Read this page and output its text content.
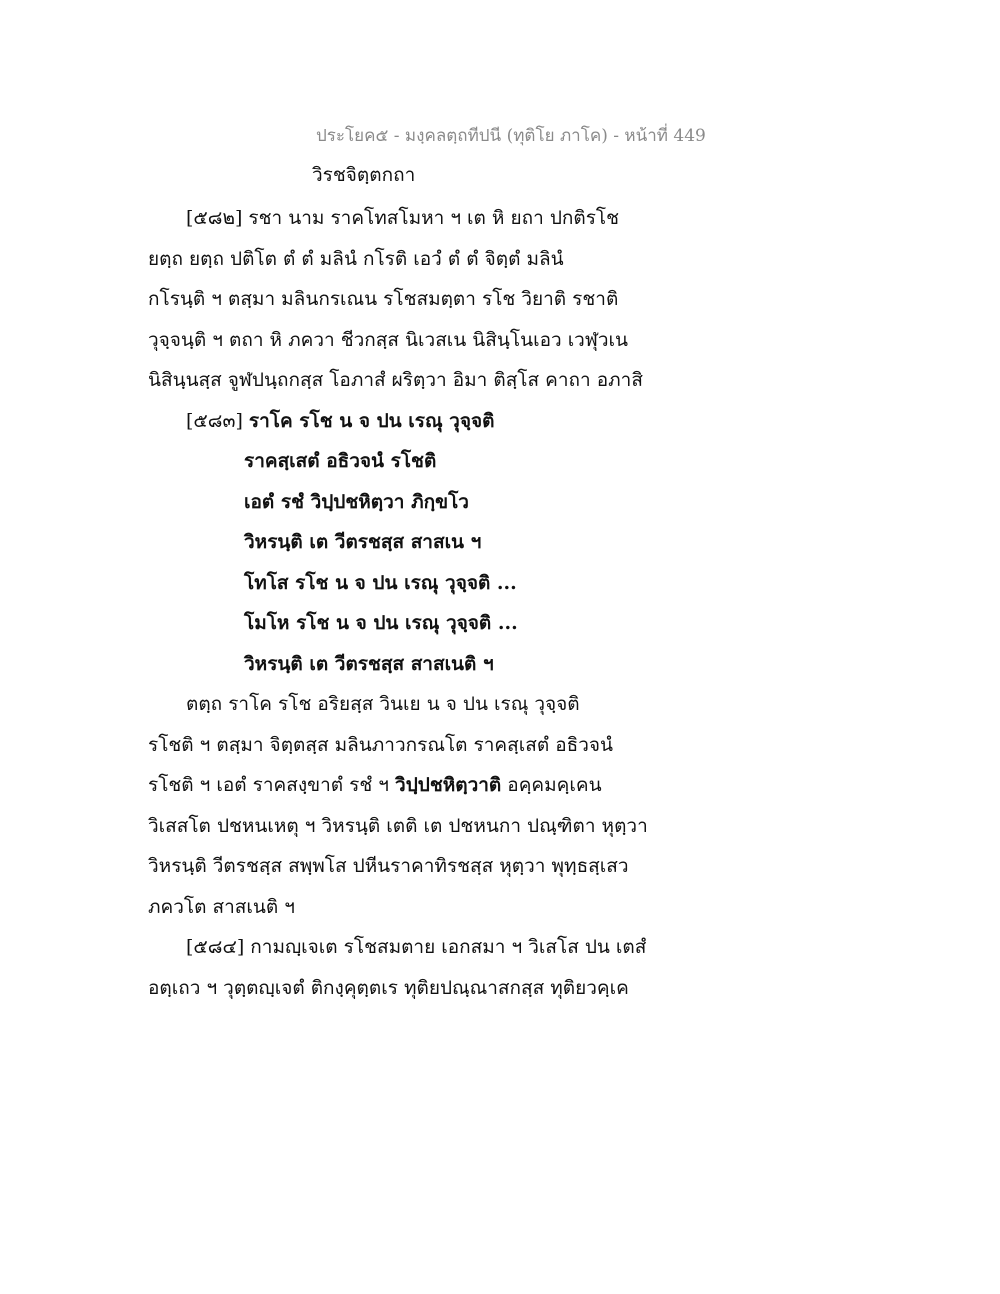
ประโยค๕ - มงฺคลตฺถทีปนี (ทุติโย ภาโค) - หน้าที่ 449
วิรชจิตฺตกถา
[๕๘๒] รชา นาม ราคโทสโมหา ฯ เต หิ ยถา ปกติรโช
ยตฺถ ยตฺถ ปติโต ตํ ตํ มลินํ กโรติ เอวํ ตํ ตํ จิตฺตํ มลินํ
กโรนฺติ ฯ ตสฺมา มลินกรเณน รโชสมตฺตา รโช วิยาติ รชาติ
วุจฺจนฺติ ฯ ตถา หิ ภควา ชีวกสฺส นิเวสเน นิสินฺโนเอว เวฬุวเน
นิสินฺนสฺส จูฬปนฺถกสฺส โอภาสํ ผริตฺวา อิมา ติสฺโส คาถา อภาสิ
[๕๘๓] ราโค รโช น จ ปน เรณุ วุจฺจติ
ราคสฺเสตํ อธิวจนํ รโชติ
เอตํ รชํ วิปฺปชหิตฺวา ภิกฺขโว
วิหรนฺติ เต วีตรชสฺส สาสเน ฯ
โทโส รโช น จ ปน เรณุ วุจฺจติ ...
โมโห รโช น จ ปน เรณุ วุจฺจติ ...
วิหรนฺติ เต วีตรชสฺส สาสเนติ ฯ
ตตฺถ ราโค รโช อริยสฺส วินเย น จ ปน เรณุ วุจฺจติ
รโชติ ฯ ตสฺมา จิตฺตสฺส มลินภาวกรณโต ราคสฺเสตํ อธิวจนํ
รโชติ ฯ เอตํ ราคสงฺขาตํ รชํ ฯ วิปฺปชหิตฺวาติ อคฺคมคฺเคน
วิเสสโต ปชหนเหตุ ฯ วิหรนฺติ เตติ เต ปชหนกา ปณฺฑิตา หุตฺวา
วิหรนฺติ วีตรชสฺส สพฺพโส ปหีนราคาทิรชสฺส หุตฺวา พุทฺธสฺเสว
ภควโต สาสเนติ ฯ
[๕๘๔] กามญฺเจเต รโชสมตาย เอกสมา ฯ วิเสโส ปน เตสํ
อตฺเถว ฯ วุตฺตญฺเจตํ ติกงฺคุตฺตเร ทุติยปณฺณาสกสฺส ทุติยวคฺเค
